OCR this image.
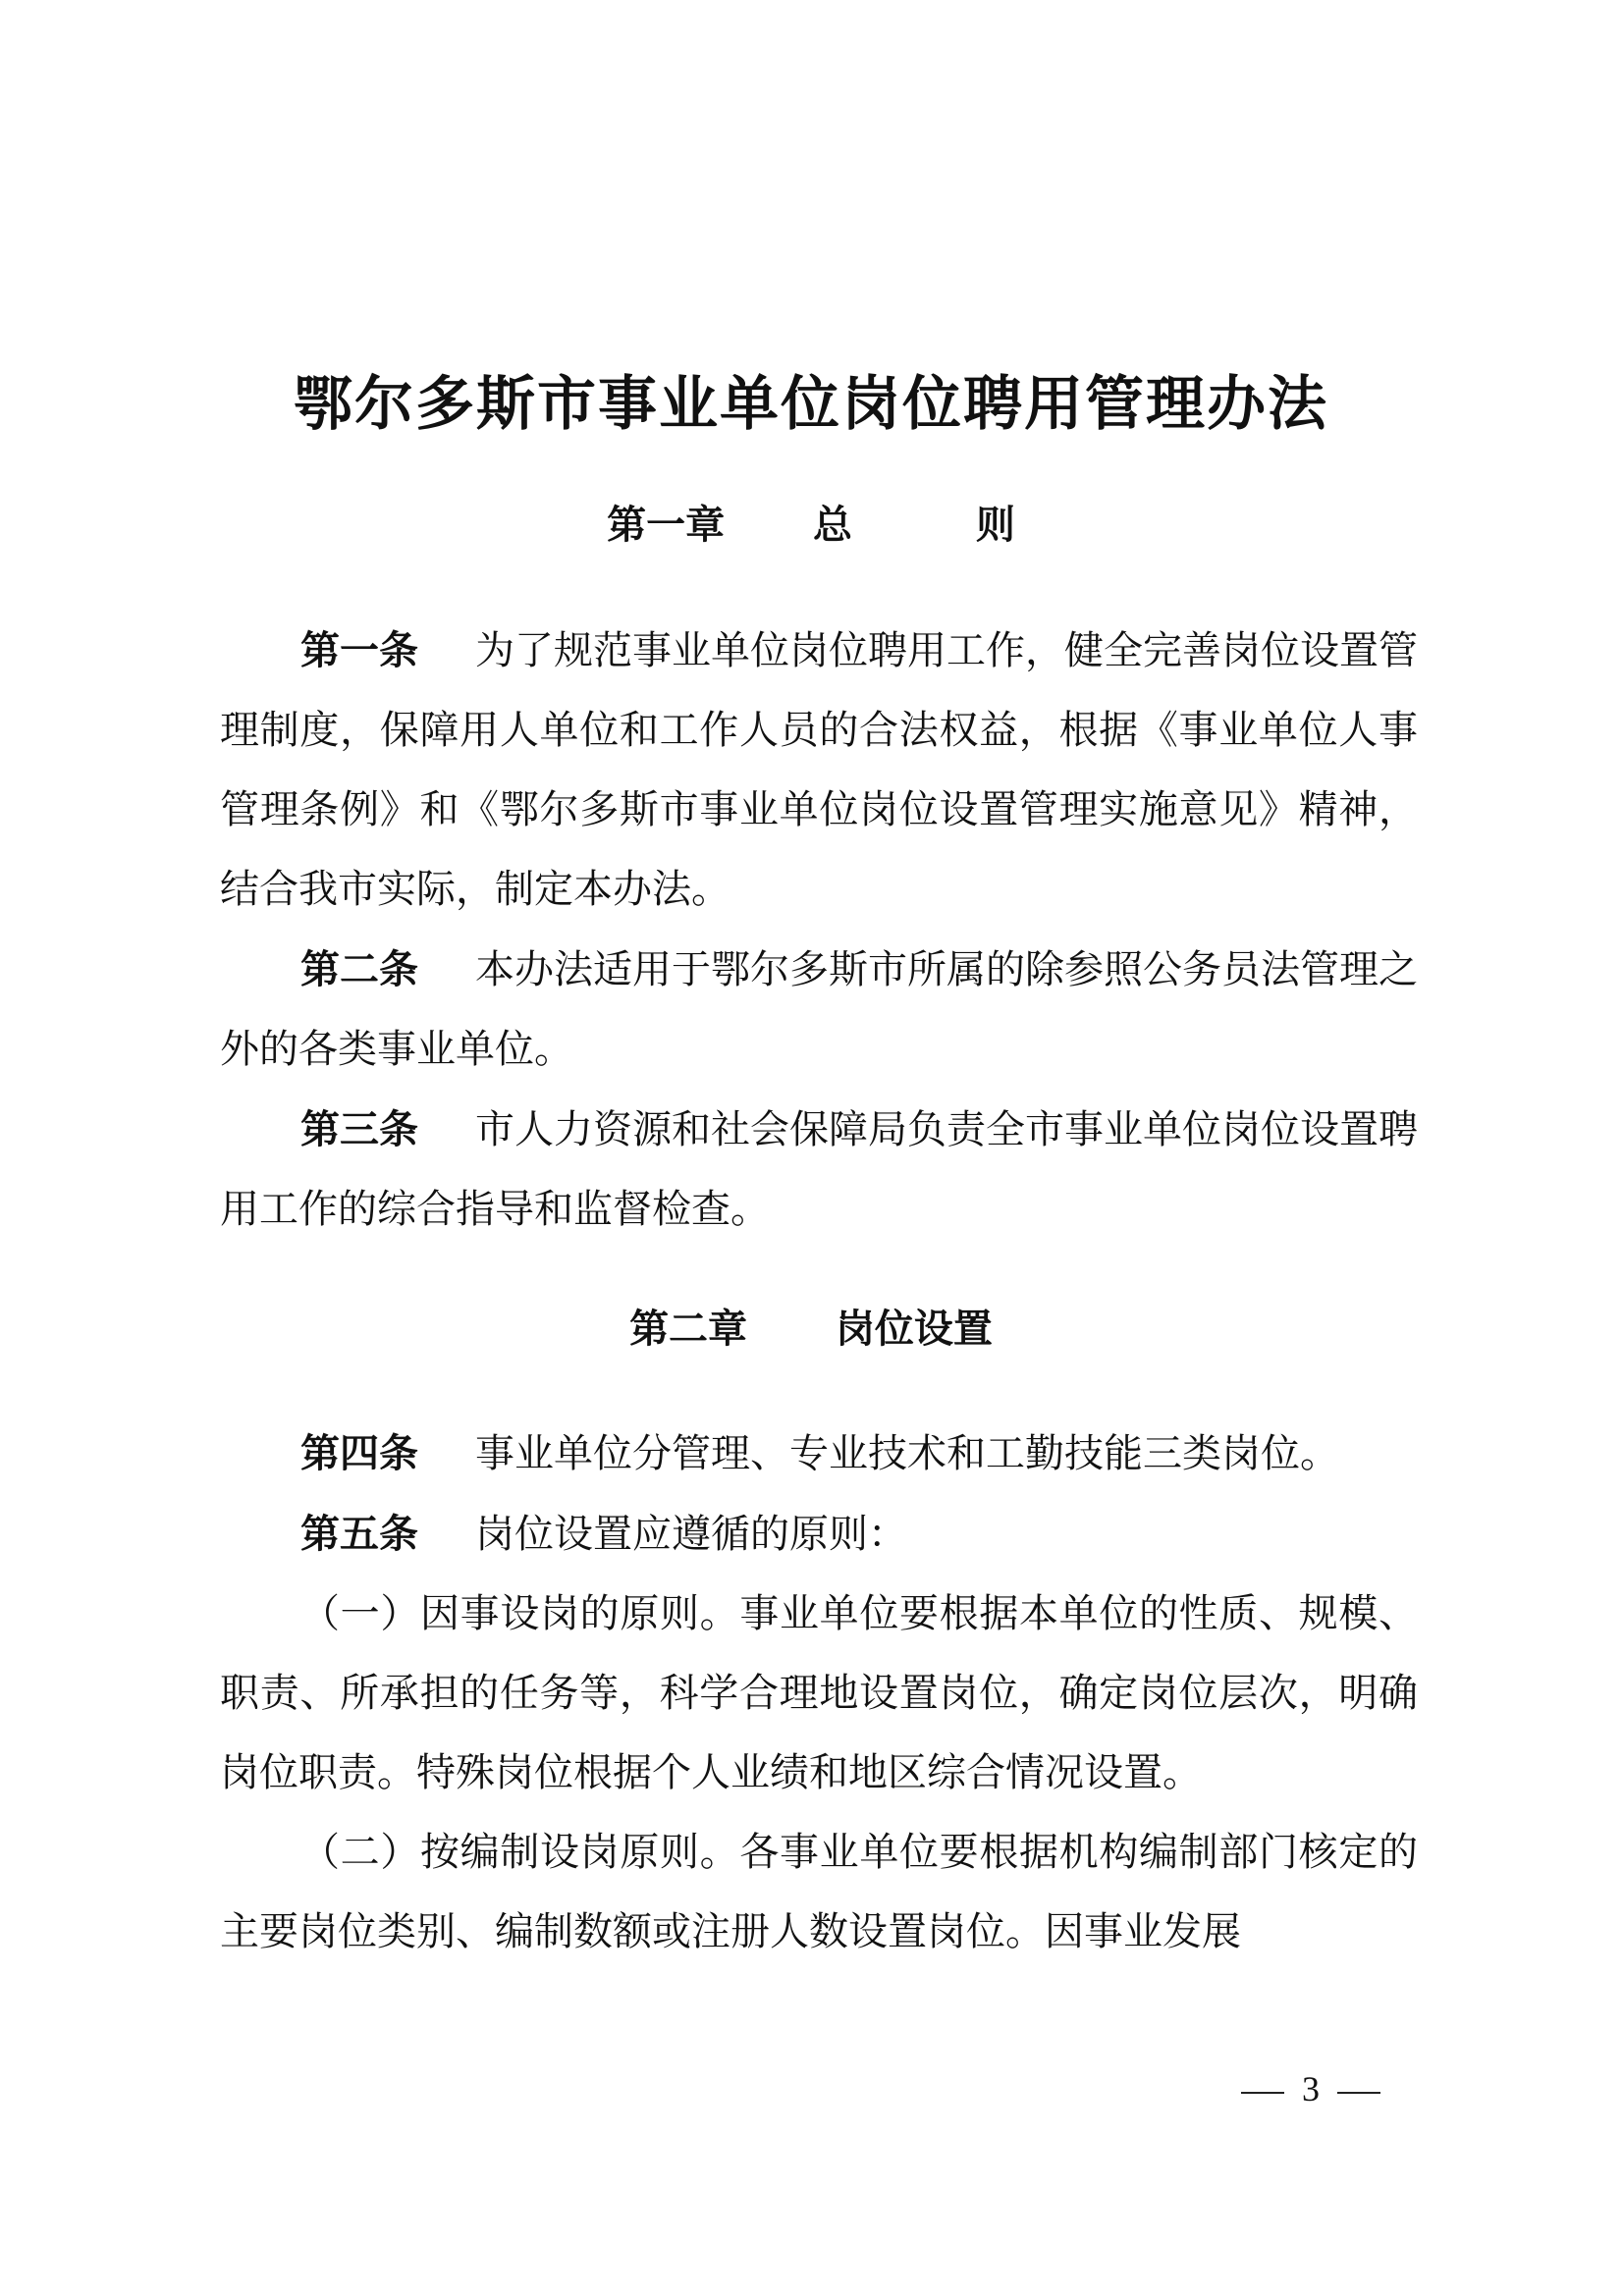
鄂尔多斯市事业单位岗位聘用管理办法
第一章 总	则

第一条 为了规范事业单位岗位聘用工作，健全完善岗位设置管理制度，保障用人单位和工作人员的合法权益，根据《事业单位人事管理条例》和《鄂尔多斯市事业单位岗位设置管理实施意见》精神，结合我市实际，制定本办法。

第二条 本办法适用于鄂尔多斯市所属的除参照公务员法管理之外的各类事业单位。

第三条 市人力资源和社会保障局负责全市事业单位岗位设置聘用工作的综合指导和监督检查。

第二章 岗位设置

第四条 事业单位分管理、专业技术和工勤技能三类岗位。

第五条 岗位设置应遵循的原则：

（一）因事设岗的原则。事业单位要根据本单位的性质、规模、职责、所承担的任务等，科学合理地设置岗位，确定岗位层次，明确岗位职责。特殊岗位根据个人业绩和地区综合情况设置。

（二）按编制设岗原则。各事业单位要根据机构编制部门核定的主要岗位类别、编制数额或注册人数设置岗位。因事业发展

3
